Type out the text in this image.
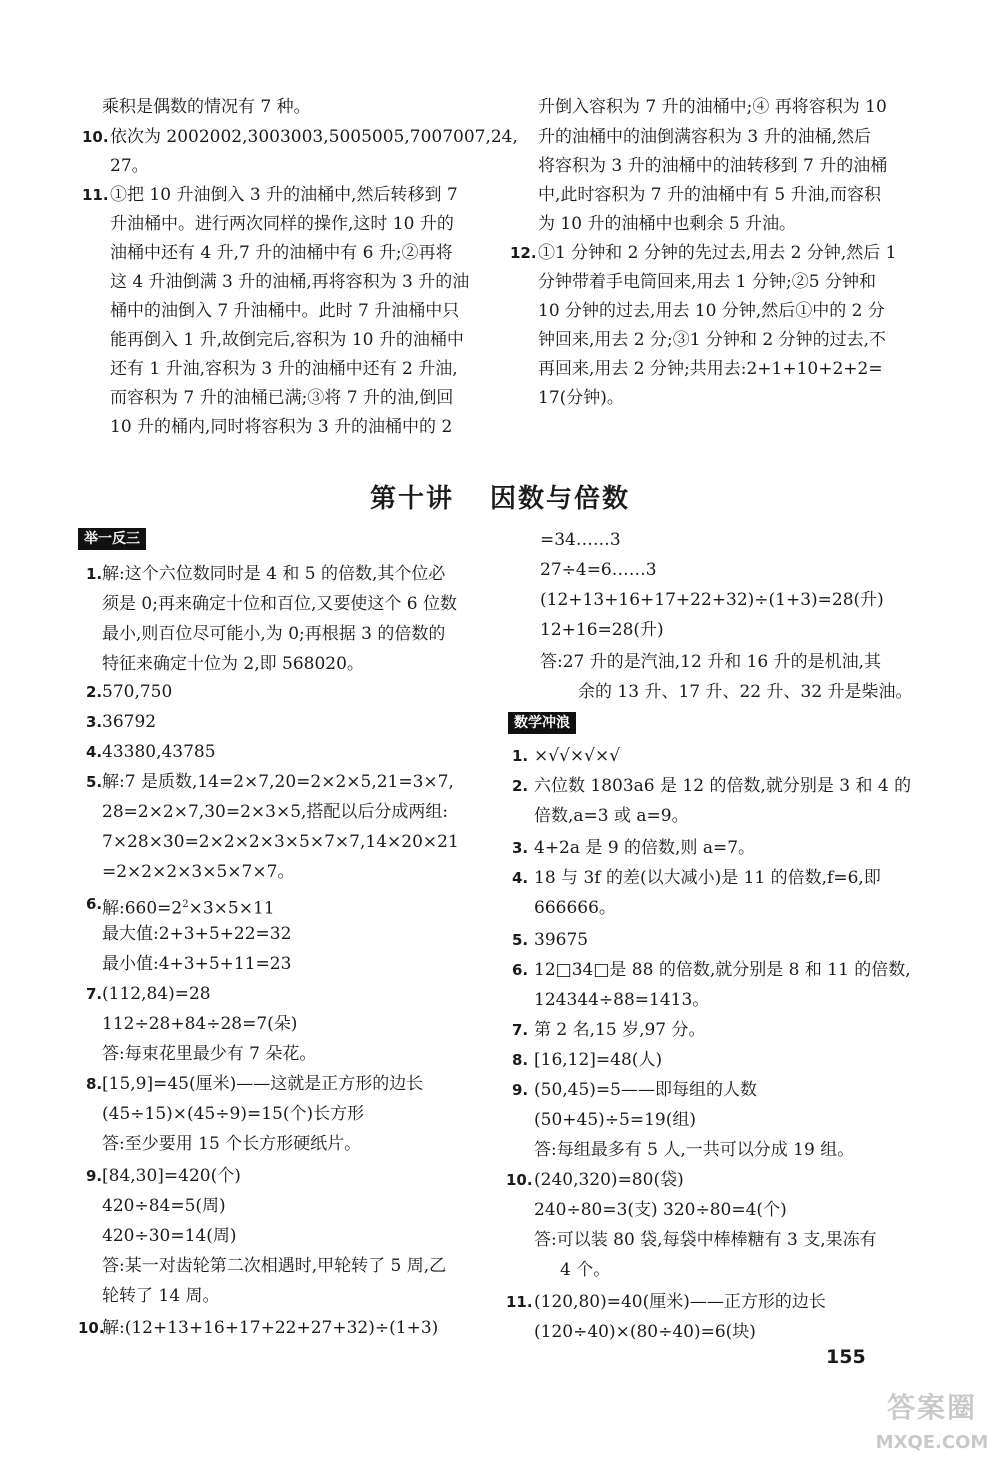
乘积是偶数的情况有 7 种。
10. 依次为 2002002,3003003,5005005,7007007,24,
27。
11. ①把 10 升油倒入 3 升的油桶中,然后转移到 7
升油桶中。进行两次同样的操作,这时 10 升的
油桶中还有 4 升,7 升的油桶中有 6 升;②再将
这 4 升油倒满 3 升的油桶,再将容积为 3 升的油
桶中的油倒入 7 升油桶中。此时 7 升油桶中只
能再倒入 1 升,故倒完后,容积为 10 升的油桶中
还有 1 升油,容积为 3 升的油桶中还有 2 升油,
而容积为 7 升的油桶已满;③将 7 升的油,倒回
10 升的桶内,同时将容积为 3 升的油桶中的 2
升倒入容积为 7 升的油桶中;④ 再将容积为 10
升的油桶中的油倒满容积为 3 升的油桶,然后
将容积为 3 升的油桶中的油转移到 7 升的油桶
中,此时容积为 7 升的油桶中有 5 升油,而容积
为 10 升的油桶中也剩余 5 升油。
12. ①1 分钟和 2 分钟的先过去,用去 2 分钟,然后 1
分钟带着手电筒回来,用去 1 分钟;②5 分钟和
10 分钟的过去,用去 10 分钟,然后①中的 2 分
钟回来,用去 2 分;③1 分钟和 2 分钟的过去,不
再回来,用去 2 分钟;共用去:2+1+10+2+2=
17(分钟)。
第十讲 因数与倍数
举一反三
1. 解:这个六位数同时是 4 和 5 的倍数,其个位必
须是 0;再来确定十位和百位,又要使这个 6 位数
最小,则百位尽可能小,为 0;再根据 3 的倍数的
特征来确定十位为 2,即 568020。
2. 570,750
3. 36792
4. 43380,43785
5. 解:7 是质数,14=2×7,20=2×2×5,21=3×7,
28=2×2×7,30=2×3×5,搭配以后分成两组:
7×28×30=2×2×2×3×5×7×7,14×20×21
=2×2×2×3×5×7×7。
6. 解$:660=2^2\times 3\times 5\times 11$
最大值:2+3+5+22=32
最小值:4+3+5+11=23
7. (112,84)=28
112÷28+84÷28=7(朵)
答:每束花里最少有 7 朵花。
8. [15,9]=45(厘米)——这就是正方形的边长
(45÷15)×(45÷9)=15(个)长方形
答:至少要用 15 个长方形硬纸片。
9. [84,30]=420(个)
420÷84=5(周)
420÷30=14(周)
答:某一对齿轮第二次相遇时,甲轮转了 5 周,乙
轮转了 14 周。
10.
解:(12+13+16+17+22+27+32)÷(1+3)
=34……3
27÷4=6……3
(12+13+16+17+22+32)÷(1+3)=28(升)
12+16=28(升)
答:27 升的是汽油,12 升和 16 升的是机油,其
余的 13 升、17 升、22 升、32 升是柴油。
数学冲浪
1. ×√√×√×√
2. 六位数 1803a6 是 12 的倍数,就分别是 3 和 4 的
倍数,a=3 或 a=9。
3. 4+2a 是 9 的倍数,则 a=7。
4. 18 与 3f 的差(以大减小)是 11 的倍数,f=6,即
666666。
5. 39675
6. 12□34□是 88 的倍数,就分别是 8 和 11 的倍数,
124344÷88=1413。
7. 第 2 名,15 岁,97 分。
8. [16,12]=48(人)
9. (50,45)=5——即每组的人数
(50+45)÷5=19(组)
答:每组最多有 5 人,一共可以分成 19 组。
10. (240,320)=80(袋)
240÷80=3(支) 320÷80=4(个)
答:可以装 80 袋,每袋中棒棒糖有 3 支,果冻有
4 个。
11. (120,80)=40(厘米)——正方形的边长
(120÷40)×(80÷40)=6(块)
155
答案圈
MXQE.COM
